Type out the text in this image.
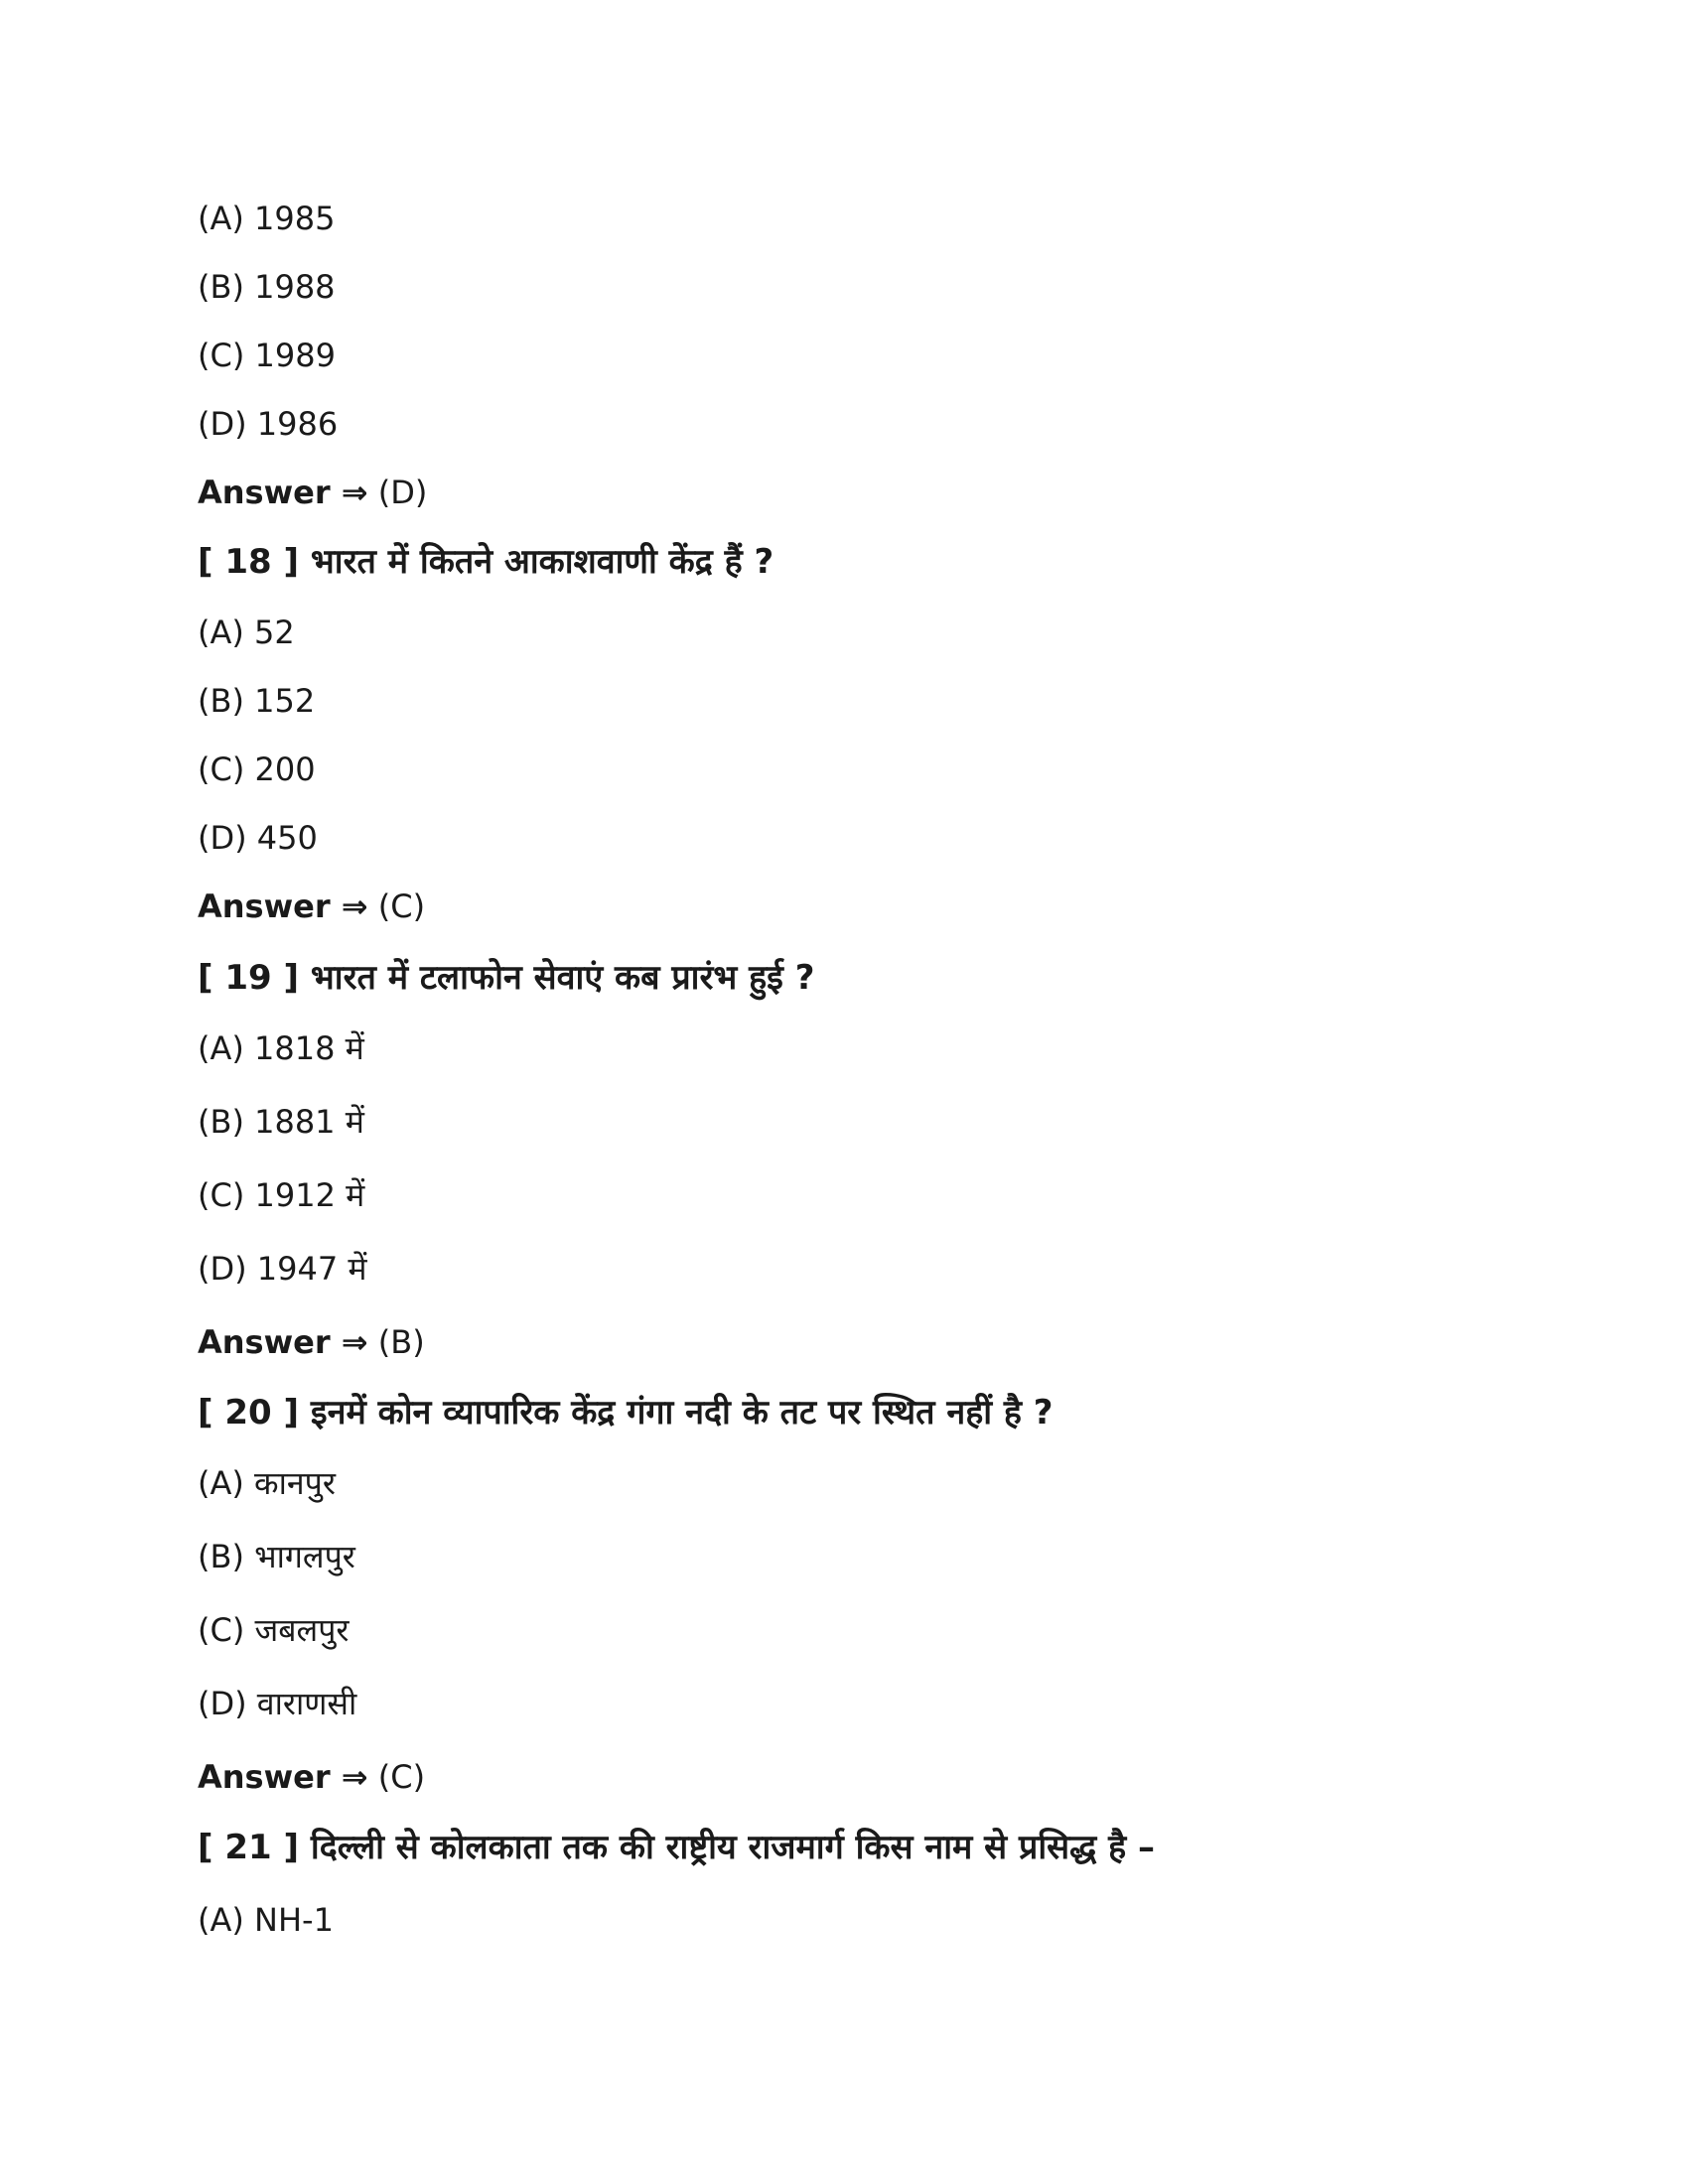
(A) 1985
(B) 1988
(C) 1989
(D) 1986
Answer ⇒ (D)
[ 18 ] भारत में कितने आकाशवाणी केंद्र हैं ?
(A) 52
(B) 152
(C) 200
(D) 450
Answer ⇒ (C)
[ 19 ] भारत में टलाफोन सेवाएं कब प्रारंभ हुई ?
(A) 1818 में
(B) 1881 में
(C) 1912 में
(D) 1947 में
Answer ⇒ (B)
[ 20 ] इनमें कोन व्यापारिक केंद्र गंगा नदी के तट पर स्थित नहीं है ?
(A) कानपुर
(B) भागलपुर
(C) जबलपुर
(D) वाराणसी
Answer ⇒ (C)
[ 21 ] दिल्ली से कोलकाता तक की राष्ट्रीय राजमार्ग किस नाम से प्रसिद्ध है –
(A) NH-1
